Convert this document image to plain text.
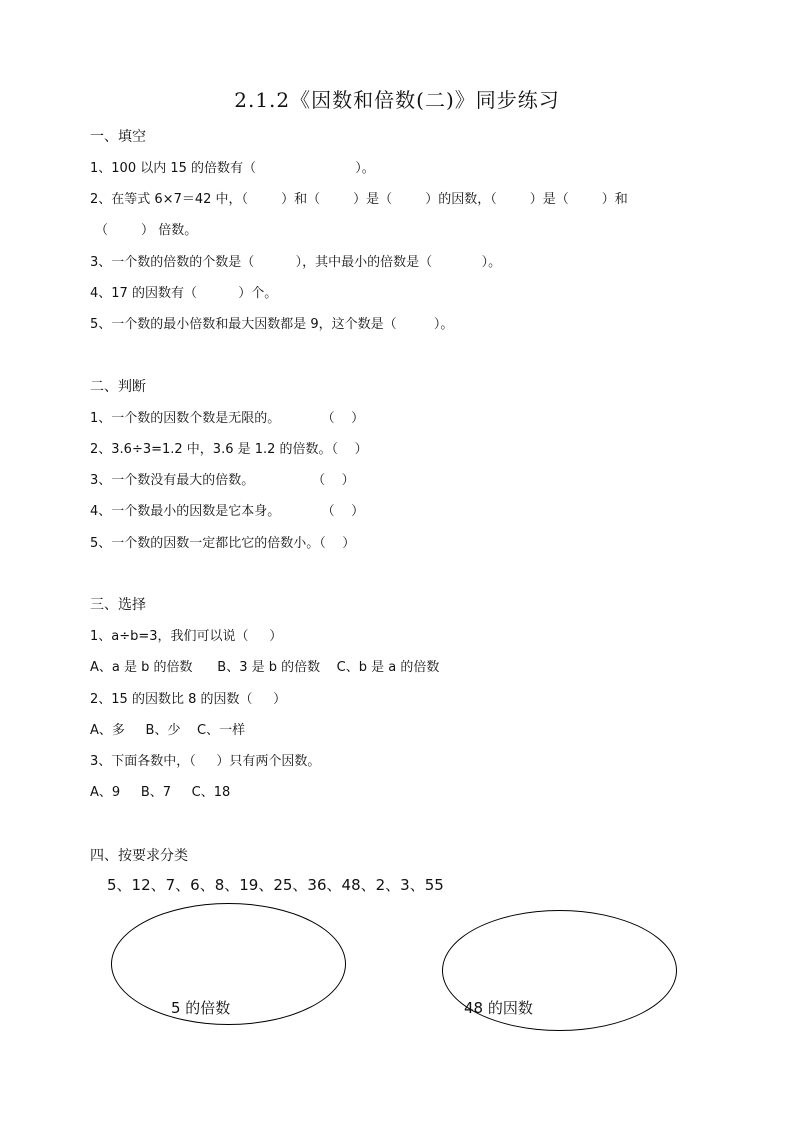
2.1.2《因数和倍数(二)》同步练习
一、填空
1、100 以内 15 的倍数有（                        ）。
2、在等式 6×7＝42 中，（        ）和（        ）是（        ）的因数，（        ）是（        ）和
（        ） 倍数。
3、一个数的倍数的个数是（          ），其中最小的倍数是（            ）。
4、17 的因数有（          ）个。
5、一个数的最小倍数和最大因数都是 9，这个数是（         ）。
二、判断
1、一个数的因数个数是无限的。          （    ）
2、3.6÷3=1.2 中，3.6 是 1.2 的倍数。（    ）
3、一个数没有最大的倍数。              （    ）
4、一个数最小的因数是它本身。          （    ）
5、一个数的因数一定都比它的倍数小。（    ）
三、选择
1、a÷b=3，我们可以说（     ）
A、a 是 b 的倍数      B、3 是 b 的倍数    C、b 是 a 的倍数
2、15 的因数比 8 的因数（     ）
A、多     B、少    C、一样
3、下面各数中，（     ）只有两个因数。
A、9     B、7     C、18
四、按要求分类
5、12、7、6、8、19、25、36、48、2、3、55
5 的倍数	48 的因数
